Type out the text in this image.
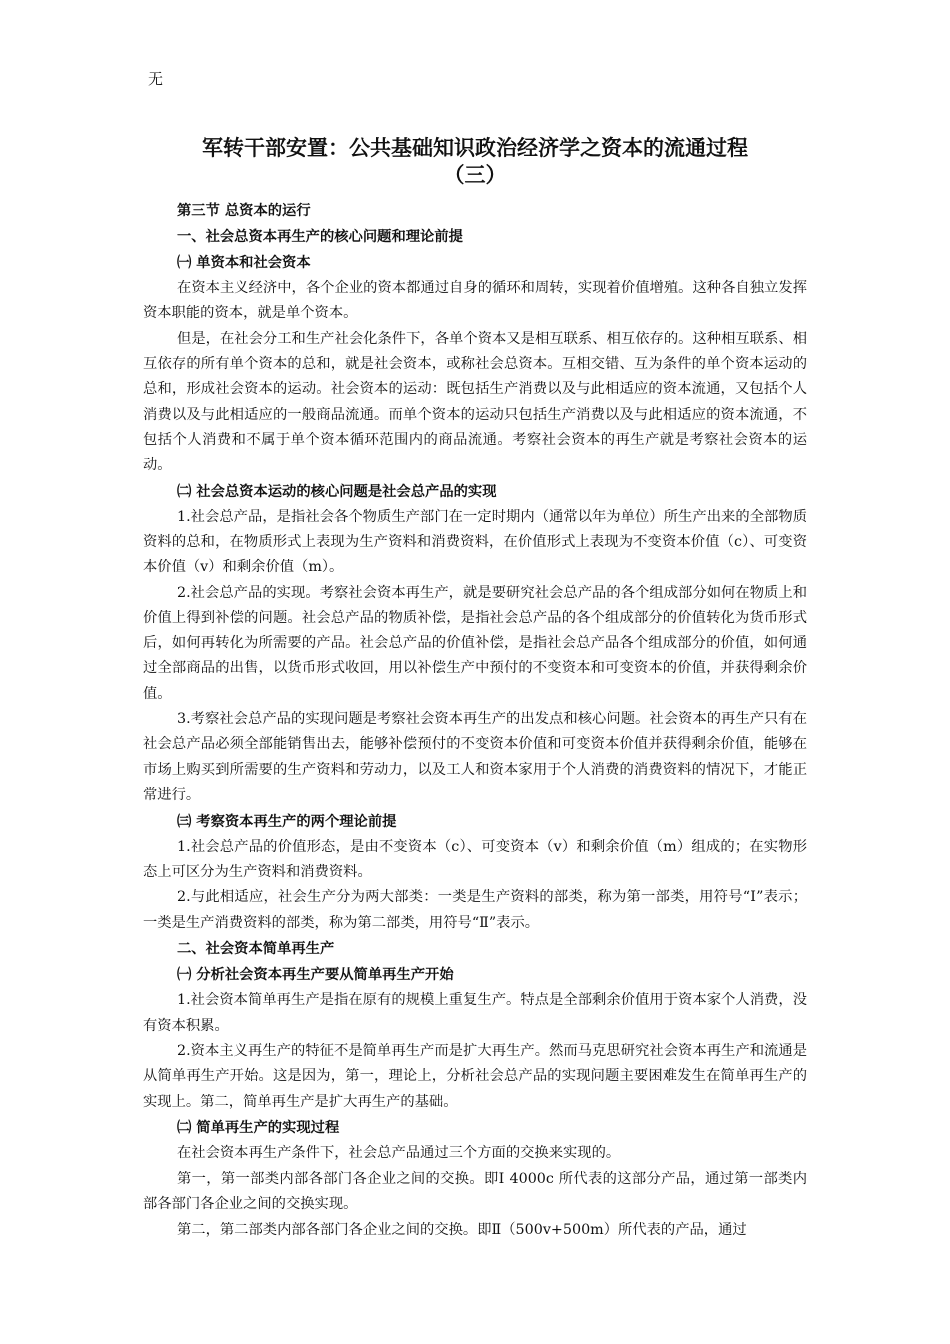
无
军转干部安置：公共基础知识政治经济学之资本的流通过程
（三）
第三节 总资本的运行
一、社会总资本再生产的核心问题和理论前提
㈠ 单资本和社会资本
在资本主义经济中，各个企业的资本都通过自身的循环和周转，实现着价值增殖。这种各自独立发挥资本职能的资本，就是单个资本。
但是，在社会分工和生产社会化条件下，各单个资本又是相互联系、相互依存的。这种相互联系、相互依存的所有单个资本的总和，就是社会资本，或称社会总资本。互相交错、互为条件的单个资本运动的总和，形成社会资本的运动。社会资本的运动：既包括生产消费以及与此相适应的资本流通，又包括个人消费以及与此相适应的一般商品流通。而单个资本的运动只包括生产消费以及与此相适应的资本流通，不包括个人消费和不属于单个资本循环范围内的商品流通。考察社会资本的再生产就是考察社会资本的运动。
㈡ 社会总资本运动的核心问题是社会总产品的实现
1.社会总产品，是指社会各个物质生产部门在一定时期内（通常以年为单位）所生产出来的全部物质资料的总和，在物质形式上表现为生产资料和消费资料，在价值形式上表现为不变资本价值（c）、可变资本价值（v）和剩余价值（m）。
2.社会总产品的实现。考察社会资本再生产，就是要研究社会总产品的各个组成部分如何在物质上和价值上得到补偿的问题。社会总产品的物质补偿，是指社会总产品的各个组成部分的价值转化为货币形式后，如何再转化为所需要的产品。社会总产品的价值补偿，是指社会总产品各个组成部分的价值，如何通过全部商品的出售，以货币形式收回，用以补偿生产中预付的不变资本和可变资本的价值，并获得剩余价值。
3.考察社会总产品的实现问题是考察社会资本再生产的出发点和核心问题。社会资本的再生产只有在社会总产品必须全部能销售出去，能够补偿预付的不变资本价值和可变资本价值并获得剩余价值，能够在市场上购买到所需要的生产资料和劳动力，以及工人和资本家用于个人消费的消费资料的情况下，才能正常进行。
㈢ 考察资本再生产的两个理论前提
1.社会总产品的价值形态，是由不变资本（c）、可变资本（v）和剩余价值（m）组成的；在实物形态上可区分为生产资料和消费资料。
2.与此相适应，社会生产分为两大部类：一类是生产资料的部类，称为第一部类，用符号“Ⅰ”表示；一类是生产消费资料的部类，称为第二部类，用符号“Ⅱ”表示。
二、社会资本简单再生产
㈠ 分析社会资本再生产要从简单再生产开始
1.社会资本简单再生产是指在原有的规模上重复生产。特点是全部剩余价值用于资本家个人消费，没有资本积累。
2.资本主义再生产的特征不是简单再生产而是扩大再生产。然而马克思研究社会资本再生产和流通是从简单再生产开始。这是因为，第一，理论上，分析社会总产品的实现问题主要困难发生在简单再生产的实现上。第二，简单再生产是扩大再生产的基础。
㈡ 简单再生产的实现过程
在社会资本再生产条件下，社会总产品通过三个方面的交换来实现的。
第一，第一部类内部各部门各企业之间的交换。即Ⅰ 4000c 所代表的这部分产品，通过第一部类内部各部门各企业之间的交换实现。
第二，第二部类内部各部门各企业之间的交换。即Ⅱ（500v+500m）所代表的产品，通过
